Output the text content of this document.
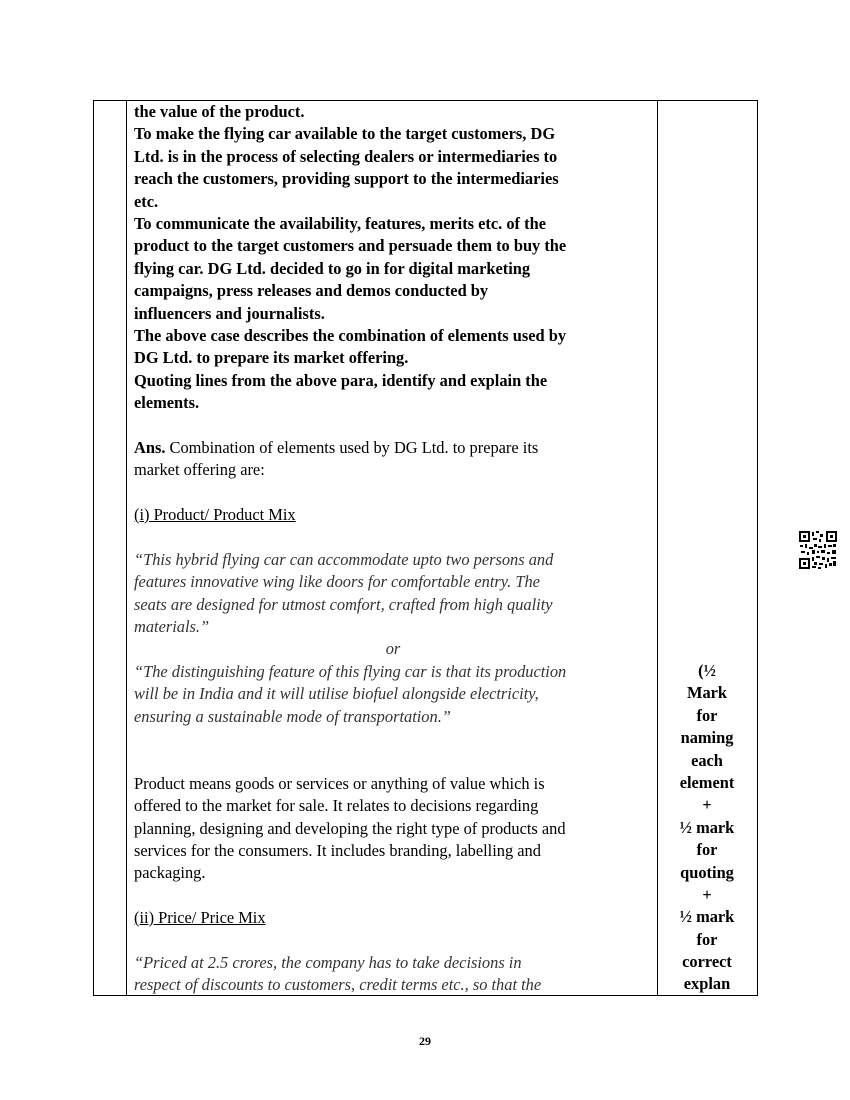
the value of the product.
To make the flying car available to the target customers, DG
Ltd. is in the process of selecting dealers or intermediaries to
reach the customers, providing support to the intermediaries
etc.
To communicate the availability, features, merits etc. of the
product to the target customers and persuade them to buy the
flying car. DG Ltd. decided to go in for digital marketing
campaigns, press releases and demos conducted by
influencers and journalists.
The above case describes the combination of elements used by
DG Ltd. to prepare its market offering.
Quoting lines from the above para, identify and explain the
elements.
Ans. Combination of elements used by DG Ltd. to prepare its
market offering are:
(i) Product/ Product Mix
“This hybrid flying car can accommodate upto two persons and
features innovative wing like doors for comfortable entry. The
seats are designed for utmost comfort, crafted from high quality
materials.”
or
“The distinguishing feature of this flying car is that its production
will be in India and it will utilise biofuel alongside electricity,
ensuring a sustainable mode of transportation.”
Product means goods or services or anything of value which is
offered to the market for sale. It relates to decisions regarding
planning, designing and developing the right type of products and
services for the consumers. It includes branding, labelling and
packaging.
(ii) Price/ Price Mix
“Priced at 2.5 crores, the company has to take decisions in
respect of discounts to customers, credit terms etc., so that the
(½
Mark
for
naming
each
element
+
½ mark
for
quoting
+
½ mark
for
correct
explan
29
